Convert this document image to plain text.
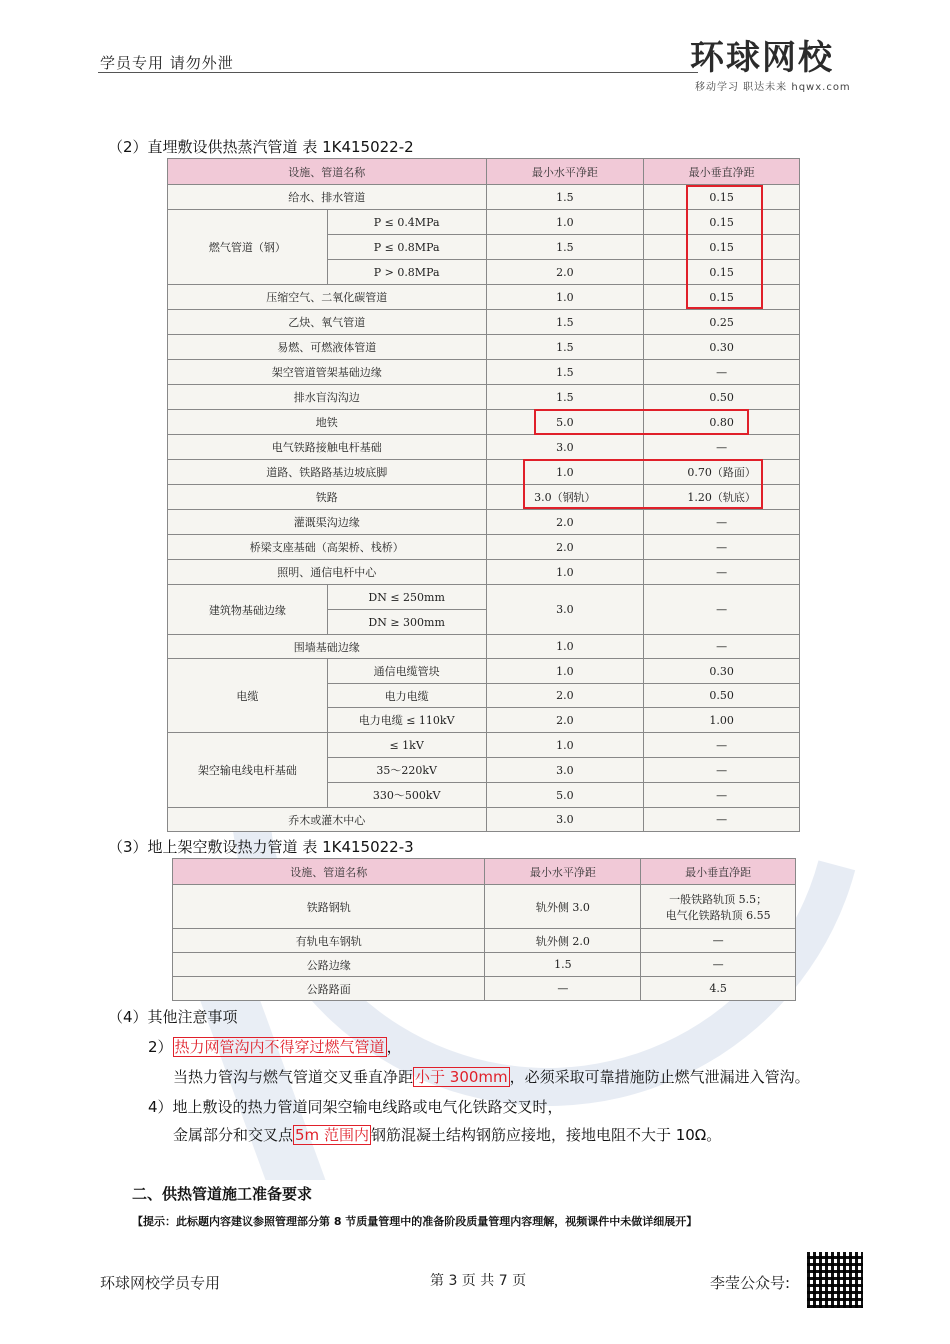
学员专用 请勿外泄	环球网校
移动学习 职达未来 hqwx.com
（2）直埋敷设供热蒸汽管道 表 1K415022-2
设施、管道名称		最小水平净距	最小垂直净距
给水、排水管道		1.5	0.15
燃气管道（钢）	P ≤ 0.4MPa	1.0	0.15
	P ≤ 0.8MPa	1.5	0.15
	P > 0.8MPa	2.0	0.15
压缩空气、二氧化碳管道		1.0	0.15
乙炔、氧气管道		1.5	0.25
易燃、可燃液体管道		1.5	0.30
架空管道管架基础边缘		1.5	—
排水盲沟沟边		1.5	0.50
地铁		5.0	0.80
电气铁路接触电杆基础		3.0	—
道路、铁路路基边坡底脚		1.0	0.70（路面）
铁路		3.0（钢轨）	1.20（轨底）
灌溉渠沟边缘		2.0	—
桥梁支座基础（高架桥、栈桥）		2.0	—
照明、通信电杆中心		1.0	—
建筑物基础边缘	DN ≤ 250mm	3.0	—
	DN ≥ 300mm		
围墙基础边缘		1.0	—
电缆	通信电缆管块	1.0	0.30
	电力电缆	2.0	0.50
	电力电缆 ≤ 110kV	2.0	1.00
架空输电线电杆基础	≤ 1kV	1.0	—
	35～220kV	3.0	—
	330～500kV	5.0	—
乔木或灌木中心		3.0	—
（3）地上架空敷设热力管道 表 1K415022-3
设施、管道名称	最小水平净距	最小垂直净距
铁路钢轨	轨外侧 3.0	一般铁路轨顶 5.5；
电气化铁路轨顶 6.55

有轨电车钢轨	轨外侧 2.0	—
公路边缘	1.5	—
公路路面	—	4.5
（4）其他注意事项
2） 热力网管沟内不得穿过燃气管道 ，
当热力管沟与燃气管道交叉垂直净距 小于 300mm ，必须采取可靠措施防止燃气泄漏进入管沟。
4）地上敷设的热力管道同架空输电线路或电气化铁路交叉时，
金属部分和交叉点 5m 范围内 钢筋混凝土结构钢筋应接地，接地电阻不大于 10Ω。
二、供热管道施工准备要求
【提示：此标题内容建议参照管理部分第 8 节质量管理中的准备阶段质量管理内容理解，视频课件中未做详细展开】
环球网校学员专用	第 3 页 共 7 页	李莹公众号:
